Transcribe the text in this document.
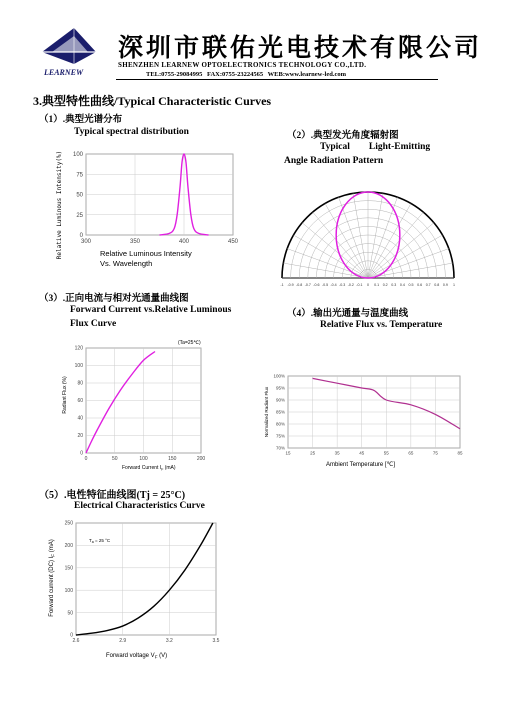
LEARNEW
深圳市联佑光电技术有限公司
SHENZHEN LEARNEW OPTOELECTRONICS TECHNOLOGY CO.,LTD.
TEL:0755-29084995 FAX:0755-23224565 WEB:www.learnew-led.com
3.典型特性曲线/Typical Characteristic Curves
（1）.典型光谱分布
Typical spectral distribution
300	350	400	450
0
25
50
75
100
Relative Luminous Intensity(%)	Relative Luminous Intensity
Vs. Wavelength
（2）.典型发光角度辐射图
Typical        Light-Emitting
Angle Radiation Pattern
-1 -0.9 -0.8 -0.7 -0.6 -0.5 -0.4 -0.3 -0.2 -0.1 0 0.1 0.2 0.3 0.4 0.5 0.6 0.7 0.8 0.9 1
（3）.正向电流与相对光通量曲线图
Forward Current vs.Relative Luminous
Flux Curve
0	50	100	150	200
0
20
40
60
80
100
120
Radiant Flux (%)
(Ta=25℃)
Forward Current $I_F$ (mA)
（4）.输出光通量与温度曲线
Relative Flux vs. Temperature
15	25	35	45	55	65	75	85
70%
75%
80%
85%
90%
95%
100%
Normalized Radiant Flux
Ambient Temperature [℃]
（5）.电性特征曲线图(Tj = 25°C)
Electrical Characteristics Curve
2.6	2.9	3.2	3.5
0
50
100
150
200
250
Forward current (DC) $I_F$ (mA)	$T_a = 25$ °C
Forward voltage $V_F$ (V)
